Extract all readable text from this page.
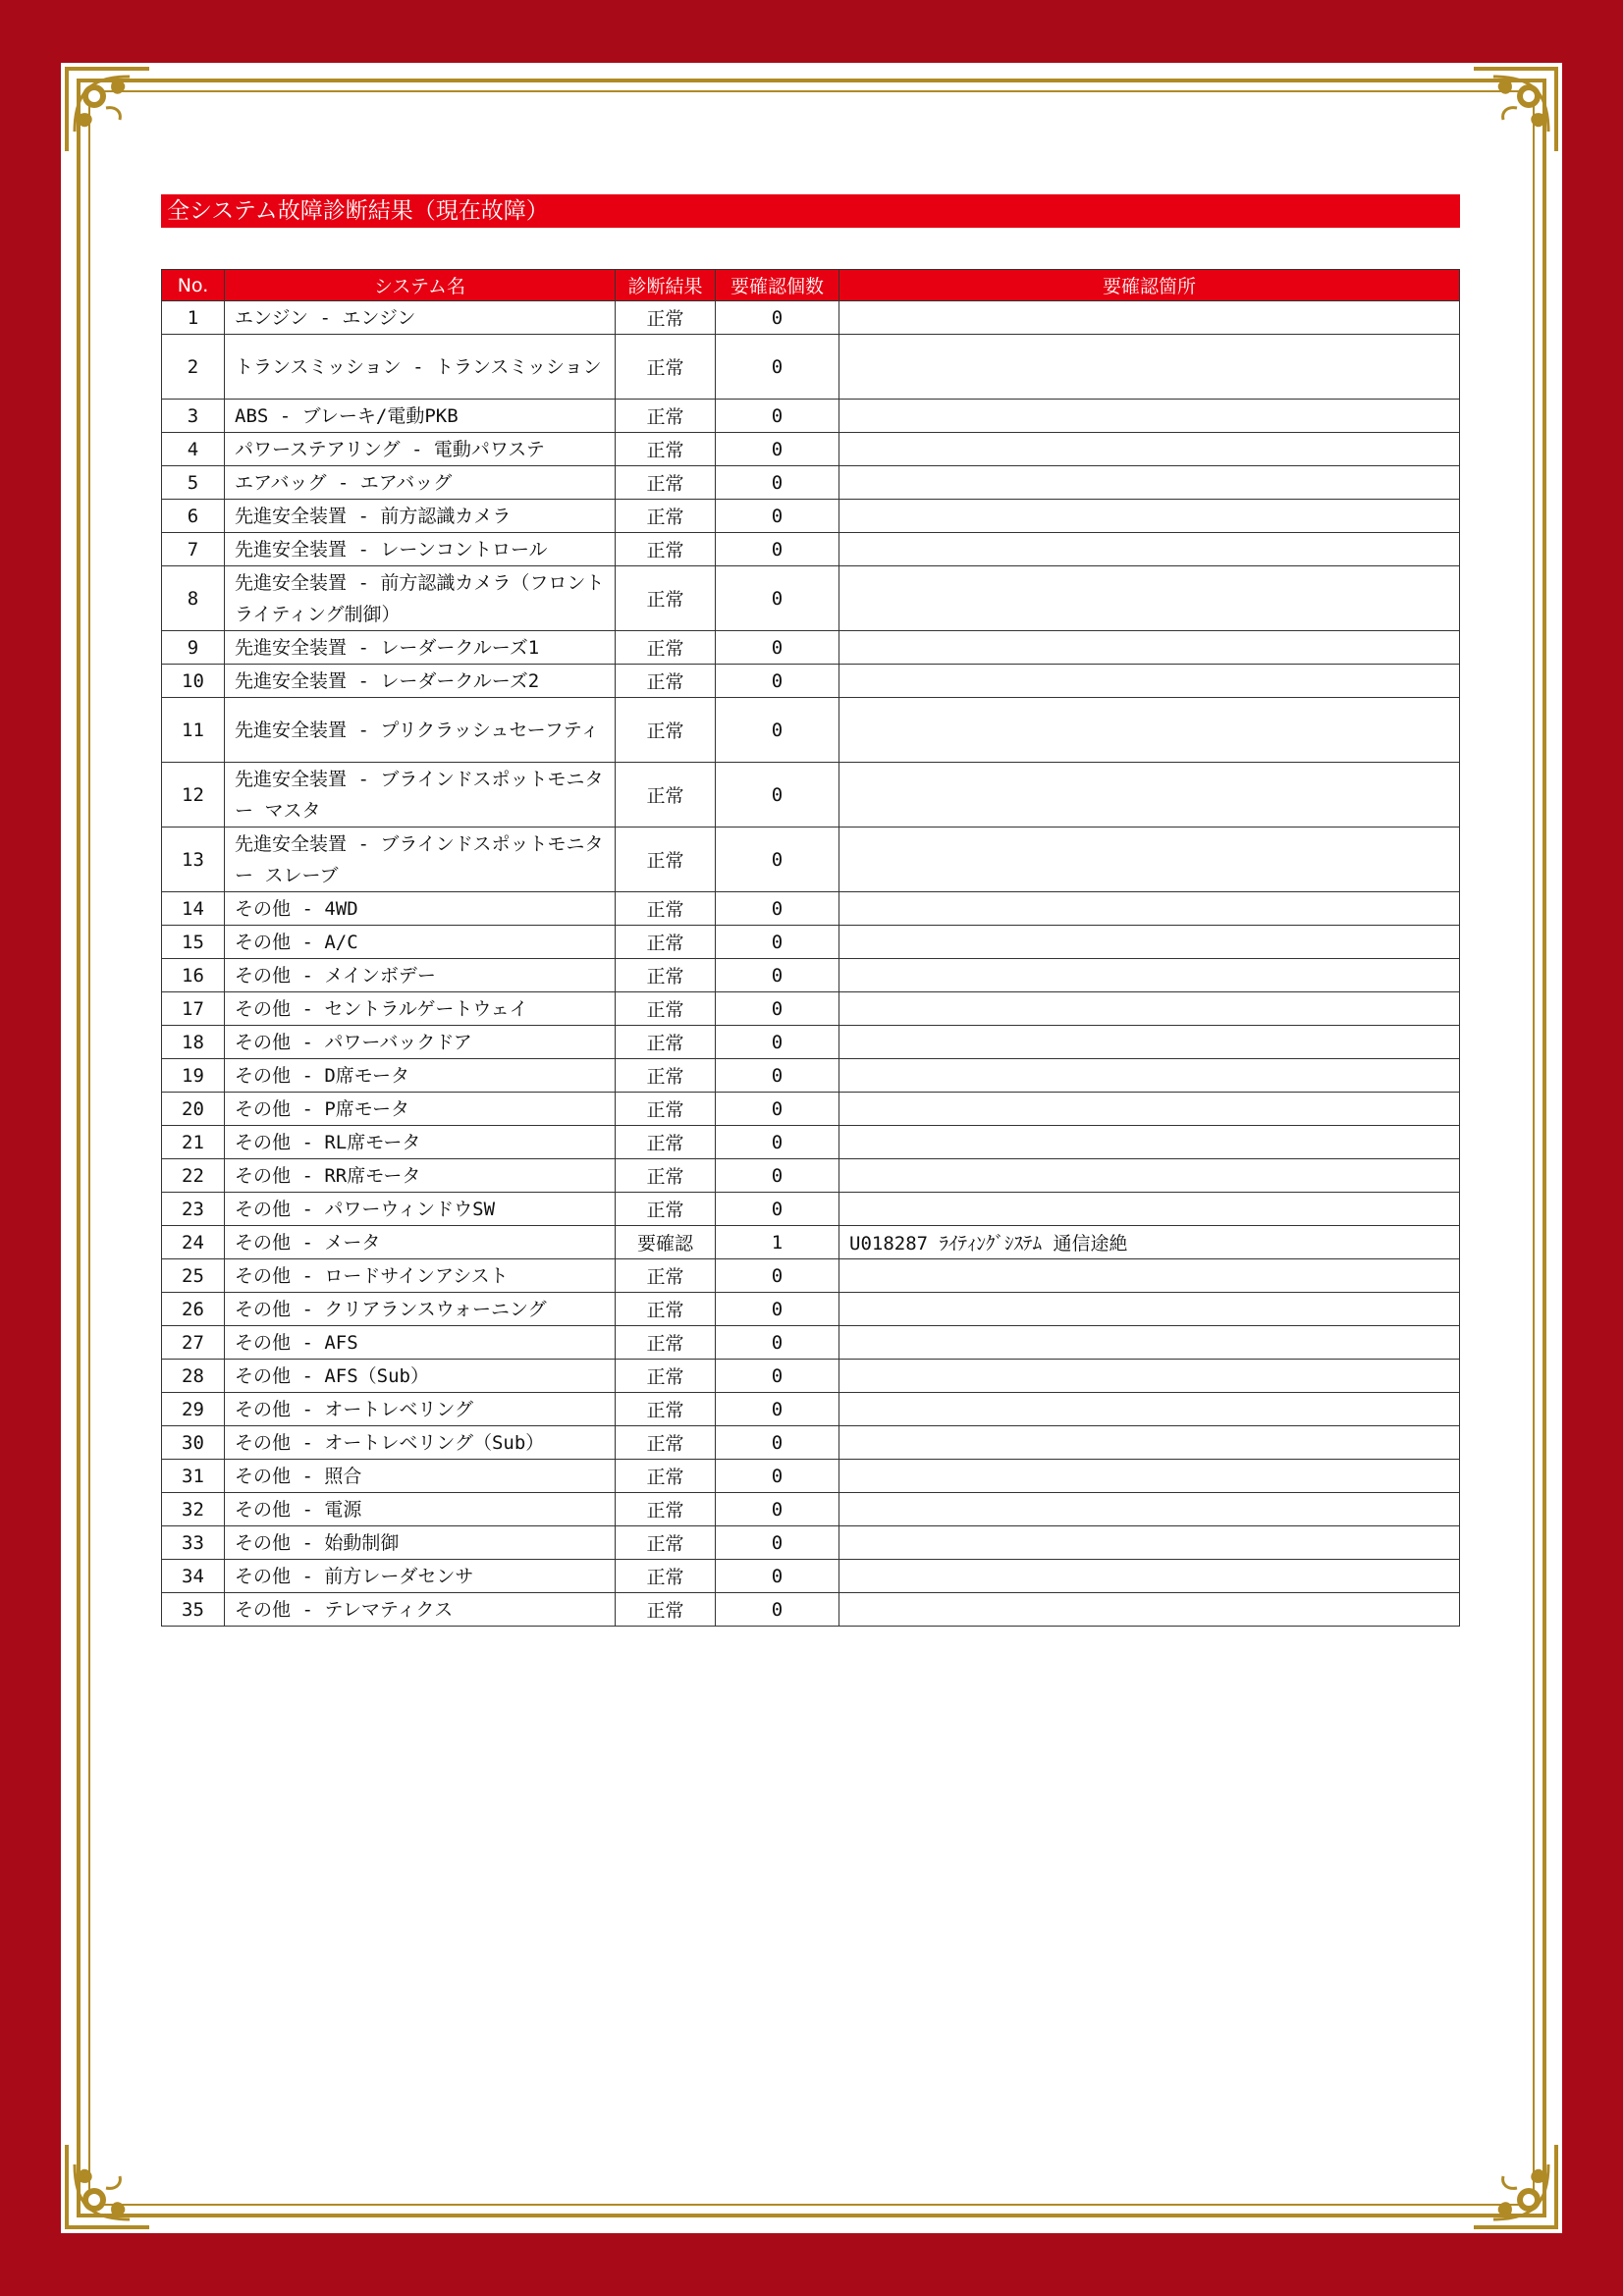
全システム故障診断結果（現在故障）
No.	システム名	診断結果	要確認個数	要確認箇所
1	エンジン - エンジン	正常	0	
2	トランスミッション - トランスミッション	正常	0	
3	ABS - ブレーキ/電動PKB	正常	0	
4	パワーステアリング - 電動パワステ	正常	0	
5	エアバッグ - エアバッグ	正常	0	
6	先進安全装置 - 前方認識カメラ	正常	0	
7	先進安全装置 - レーンコントロール	正常	0	
8	先進安全装置 - 前方認識カメラ（フロントライティング制御）	正常	0	
9	先進安全装置 - レーダークルーズ1	正常	0	
10	先進安全装置 - レーダークルーズ2	正常	0	
11	先進安全装置 - プリクラッシュセーフティ	正常	0	
12	先進安全装置 - ブラインドスポットモニター マスタ	正常	0	
13	先進安全装置 - ブラインドスポットモニター スレーブ	正常	0	
14	その他 - 4WD	正常	0	
15	その他 - A/C	正常	0	
16	その他 - メインボデー	正常	0	
17	その他 - セントラルゲートウェイ	正常	0	
18	その他 - パワーバックドア	正常	0	
19	その他 - D席モータ	正常	0	
20	その他 - P席モータ	正常	0	
21	その他 - RL席モータ	正常	0	
22	その他 - RR席モータ	正常	0	
23	その他 - パワーウィンドウSW	正常	0	
24	その他 - メータ	要確認	1	U018287 ﾗｲﾃｨﾝｸﾞｼｽﾃﾑ 通信途絶
25	その他 - ロードサインアシスト	正常	0	
26	その他 - クリアランスウォーニング	正常	0	
27	その他 - AFS	正常	0	
28	その他 - AFS（Sub）	正常	0	
29	その他 - オートレベリング	正常	0	
30	その他 - オートレベリング（Sub）	正常	0	
31	その他 - 照合	正常	0	
32	その他 - 電源	正常	0	
33	その他 - 始動制御	正常	0	
34	その他 - 前方レーダセンサ	正常	0	
35	その他 - テレマティクス	正常	0	
